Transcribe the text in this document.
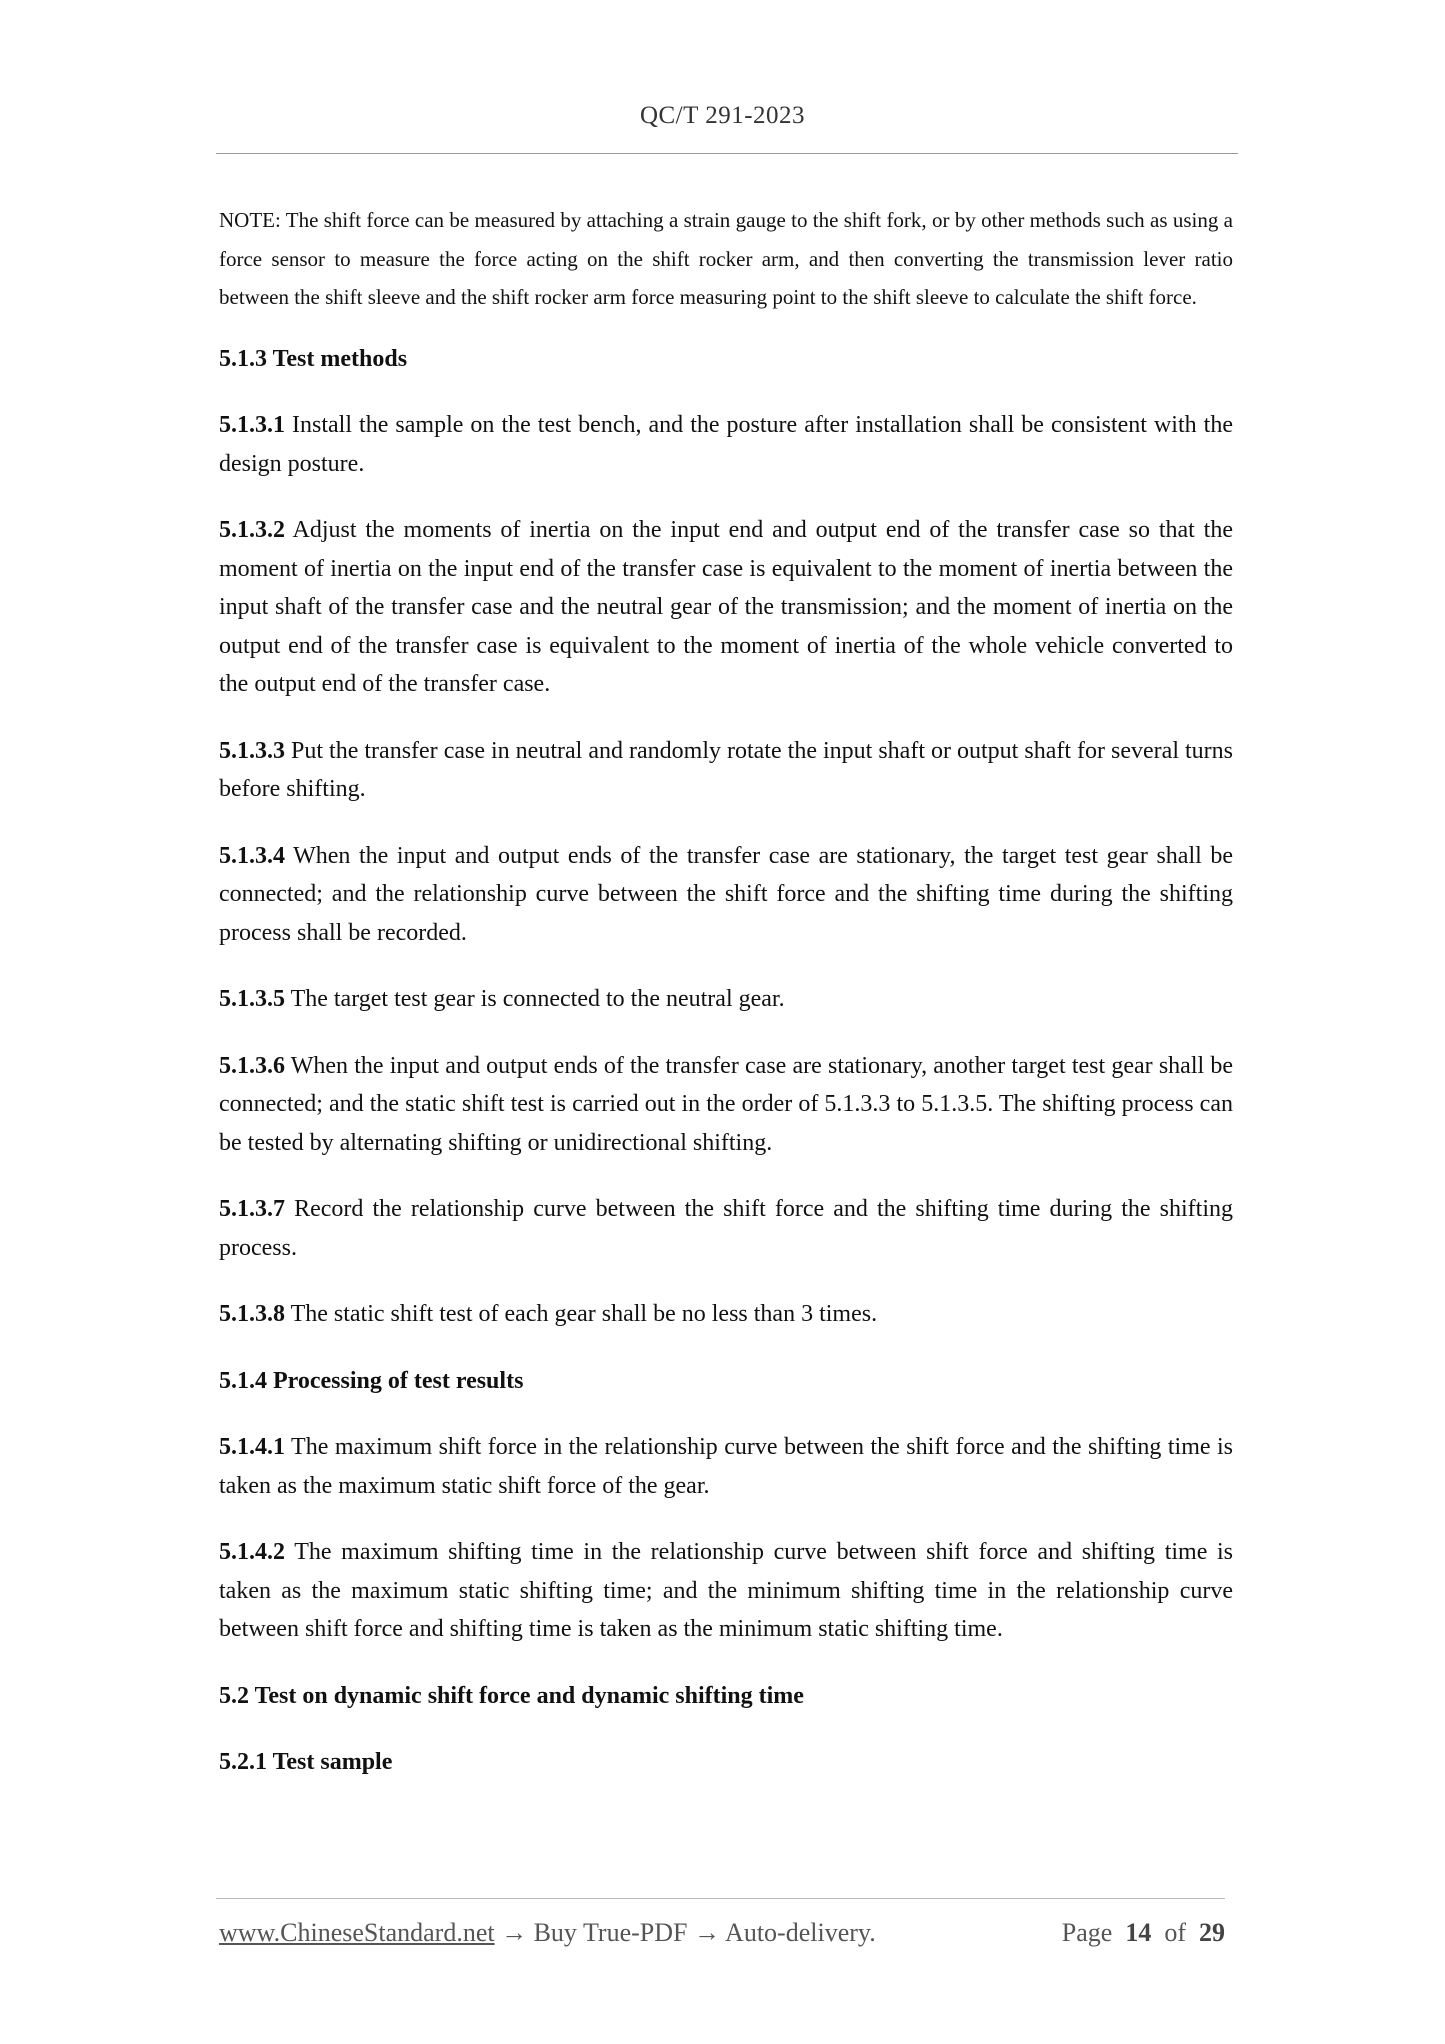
QC/T 291-2023

NOTE: The shift force can be measured by attaching a strain gauge to the shift fork, or by other methods such as using a force sensor to measure the force acting on the shift rocker arm, and then converting the transmission lever ratio between the shift sleeve and the shift rocker arm force measuring point to the shift sleeve to calculate the shift force.

5.1.3 Test methods

5.1.3.1 Install the sample on the test bench, and the posture after installation shall be consistent with the design posture.

5.1.3.2 Adjust the moments of inertia on the input end and output end of the transfer case so that the moment of inertia on the input end of the transfer case is equivalent to the moment of inertia between the input shaft of the transfer case and the neutral gear of the transmission; and the moment of inertia on the output end of the transfer case is equivalent to the moment of inertia of the whole vehicle converted to the output end of the transfer case.

5.1.3.3 Put the transfer case in neutral and randomly rotate the input shaft or output shaft for several turns before shifting.

5.1.3.4 When the input and output ends of the transfer case are stationary, the target test gear shall be connected; and the relationship curve between the shift force and the shifting time during the shifting process shall be recorded.

5.1.3.5 The target test gear is connected to the neutral gear.

5.1.3.6 When the input and output ends of the transfer case are stationary, another target test gear shall be connected; and the static shift test is carried out in the order of 5.1.3.3 to 5.1.3.5. The shifting process can be tested by alternating shifting or unidirectional shifting.

5.1.3.7 Record the relationship curve between the shift force and the shifting time during the shifting process.

5.1.3.8 The static shift test of each gear shall be no less than 3 times.

5.1.4 Processing of test results

5.1.4.1 The maximum shift force in the relationship curve between the shift force and the shifting time is taken as the maximum static shift force of the gear.

5.1.4.2 The maximum shifting time in the relationship curve between shift force and shifting time is taken as the maximum static shifting time; and the minimum shifting time in the relationship curve between shift force and shifting time is taken as the minimum static shifting time.

5.2 Test on dynamic shift force and dynamic shifting time

5.2.1 Test sample

www.ChineseStandard.net → Buy True-PDF → Auto-delivery.	Page 14 of 29
